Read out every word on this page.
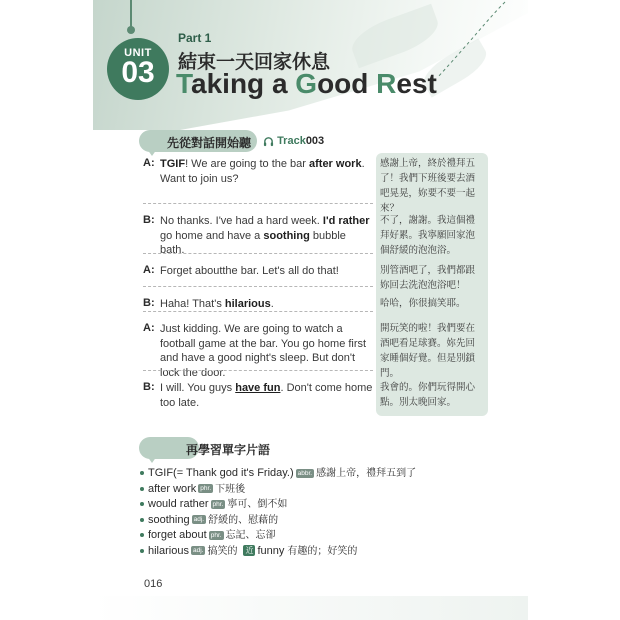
UNIT
03
Part 1
結束一天回家休息
Taking a Good Rest
先從對話開始聽	Track003
A: TGIF! We are going to the bar after work. Want to join us?
感謝上帝，終於禮拜五了！我們下班後要去酒吧晃晃，妳要不要一起來？
B: No thanks. I've had a hard week. I'd rather go home and have a soothing bubble bath.
不了，謝謝。我這個禮拜好累。我寧願回家泡個舒緩的泡泡浴。
A: Forget aboutthe bar. Let's all do that!	別管酒吧了，我們都跟妳回去洗泡泡浴吧！
B: Haha! That's hilarious.	哈哈，你很搞笑耶。
A: Just kidding. We are going to watch a football game at the bar. You go home first and have a good night's sleep. But don't lock the door.
開玩笑的啦！我們要在酒吧看足球賽。妳先回家睡個好覺。但是別鎖門。
B: I will. You guys have fun. Don't come home too late.
我會的。你們玩得開心點。別太晚回家。
再學習單字片語
TGIF(= Thank god it's Friday.) abbr. 感謝上帝，禮拜五到了
after work phr. 下班後
would rather phr. 寧可、倒不如
soothing adj. 舒緩的、慰藉的
forget about phr. 忘記、忘卻
hilarious adj. 搞笑的 近 funny 有趣的；好笑的
016
